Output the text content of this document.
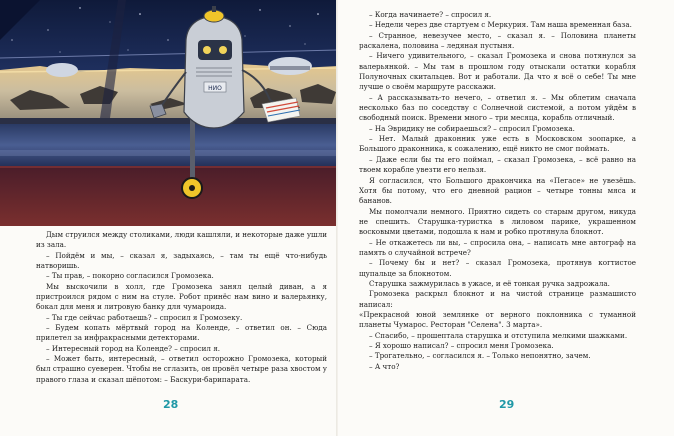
НИО

Дым струился между столиками, люди кашляли, и некоторые даже ушли из зала.

– Пойдём и мы, – сказал я, задыхаясь, – там ты ещё что-нибудь натворишь.

– Ты прав, – покорно согласился Громозека.

Мы выскочили в холл, где Громозека занял целый диван, а я пристроился рядом с ним на стуле. Робот принёс нам вино и валерьянку, бокал для меня и литровую банку для чумароида.

– Ты где сейчас работаешь? – спросил я Громозеку.

– Будем копать мёртвый город на Коленде, – ответил он. – Сюда прилетел за инфракрасными детекторами.

– Интересный город на Коленде? – спросил я.

– Может быть, интересный, – ответил осторожно Громозека, который был страшно суеверен. Чтобы не сглазить, он провёл четыре раза хвостом у правого глаза и сказал шёпотом: – Баскури-барипарата.

– Когда начинаете? – спросил я.

– Недели через две стартуем с Меркурия. Там наша временная база.

– Странное, невезучее место, – сказал я. – Половина планеты раскалена, половина – ледяная пустыня.

– Ничего удивительного, – сказал Громозека и снова потянулся за валерьянкой. – Мы там в прошлом году отыскали остатки корабля Полуночных скитальцев. Вот и работали. Да что я всё о себе! Ты мне лучше о своём маршруте расскажи.

– А рассказывать-то нечего, – ответил я. – Мы облетим сначала несколько баз по соседству с Солнечной системой, а потом уйдём в свободный поиск. Времени много – три месяца, корабль отличный.

– На Эвридику не собираешься? – спросил Громозека.

– Нет. Малый драконник уже есть в Московском зоопарке, а Большого драконника, к сожалению, ещё никто не смог поймать.

– Даже если бы ты его поймал, – сказал Громозека, – всё равно на твоем корабле увезти его нельзя.

Я согласился, что Большого дракончика на «Пегасе» не увезёшь. Хотя бы потому, что его дневной рацион – четыре тонны мяса и бананов.

Мы помолчали немного. Приятно сидеть со старым другом, никуда не спешить. Старушка-туристка в лиловом парике, украшенном восковыми цветами, подошла к нам и робко протянула блокнот.

– Не откажетесь ли вы, – спросила она, – написать мне автограф на память о случайной встрече?

– Почему бы и нет? – сказал Громозека, протянув когтистое щупальце за блокнотом.

Старушка зажмурилась в ужасе, и её тонкая ручка задрожала.

Громозека раскрыл блокнот и на чистой странице размашисто написал:

«Прекрасной юной землянке от верного поклонника с туманной планеты Чумарос. Ресторан "Селена". 3 марта».

– Спасибо, – прошептала старушка и отступила мелкими шажками.

– Я хорошо написал? – спросил меня Громозека.

– Трогательно, – согласился я. – Только непонятно, зачем.

– А что?

28	29
